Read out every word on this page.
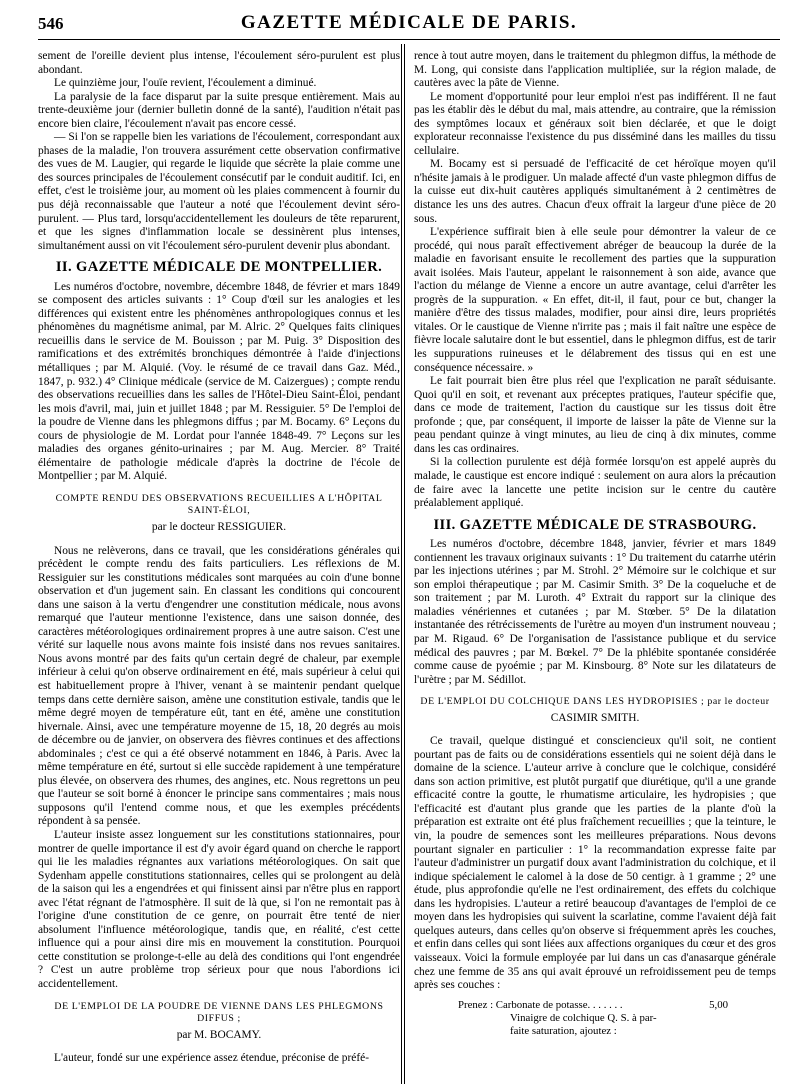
546	GAZETTE MÉDICALE DE PARIS.

sement de l'oreille devient plus intense, l'écoulement séro-purulent est plus abondant.

Le quinzième jour, l'ouïe revient, l'écoulement a diminué.

La paralysie de la face disparut par la suite presque entièrement. Mais au trente-deuxième jour (dernier bulletin donné de la santé), l'audition n'était pas encore bien claire, l'écoulement n'avait pas encore cessé.

— Si l'on se rappelle bien les variations de l'écoulement, correspondant aux phases de la maladie, l'on trouvera assurément cette observation confirmative des vues de M. Laugier, qui regarde le liquide que sécrète la plaie comme une des sources principales de l'écoulement consécutif par le conduit auditif. Ici, en effet, c'est le troisième jour, au moment où les plaies commencent à fournir du pus déjà reconnaissable que l'auteur a noté que l'écoulement devint séro-purulent. — Plus tard, lorsqu'accidentellement les douleurs de tête reparurent, et que les signes d'inflammation locale se dessinèrent plus intenses, simultanément aussi on vit l'écoulement séro-purulent devenir plus abondant.

II. GAZETTE MÉDICALE DE MONTPELLIER.

Les numéros d'octobre, novembre, décembre 1848, de février et mars 1849 se composent des articles suivants : 1° Coup d'œil sur les analogies et les différences qui existent entre les phénomènes anthropologiques connus et les phénomènes du magnétisme animal, par M. Alric. 2° Quelques faits cliniques recueillis dans le service de M. Bouisson ; par M. Puig. 3° Disposition des ramifications et des extrémités bronchiques démontrée à l'aide d'injections métalliques ; par M. Alquié. (Voy. le résumé de ce travail dans Gaz. Méd., 1847, p. 932.) 4° Clinique médicale (service de M. Caizergues) ; compte rendu des observations recueillies dans les salles de l'Hôtel-Dieu Saint-Éloi, pendant les mois d'avril, mai, juin et juillet 1848 ; par M. Ressiguier. 5° De l'emploi de la poudre de Vienne dans les phlegmons diffus ; par M. Bocamy. 6° Leçons du cours de physiologie de M. Lordat pour l'année 1848-49. 7° Leçons sur les maladies des organes génito-urinaires ; par M. Aug. Mercier. 8° Traité élémentaire de pathologie médicale d'après la doctrine de l'école de Montpellier ; par M. Alquié.

COMPTE RENDU DES OBSERVATIONS RECUEILLIES A L'HÔPITAL SAINT-ÉLOI,
par le docteur RESSIGUIER.

Nous ne relèverons, dans ce travail, que les considérations générales qui précèdent le compte rendu des faits particuliers. Les réflexions de M. Ressiguier sur les constitutions médicales sont marquées au coin d'une bonne observation et d'un jugement sain. En classant les conditions qui concourent dans une saison à la vertu d'engendrer une constitution médicale, nous avons remarqué que l'auteur mentionne l'existence, dans une saison donnée, des caractères météorologiques ordinairement propres à une autre saison. C'est une vérité sur laquelle nous avons mainte fois insisté dans nos revues sanitaires. Nous avons montré par des faits qu'un certain degré de chaleur, par exemple inférieur à celui qu'on observe ordinairement en été, mais supérieur à celui qui est habituellement propre à l'hiver, venant à se maintenir pendant quelque temps dans cette dernière saison, amène une constitution estivale, tandis que le même degré moyen de température eût, tant en été, amène une constitution hivernale. Ainsi, avec une température moyenne de 15, 18, 20 degrés au mois de décembre ou de janvier, on observera des fièvres continues et des affections abdominales ; c'est ce qui a été observé notamment en 1846, à Paris. Avec la même température en été, surtout si elle succède rapidement à une température plus élevée, on observera des rhumes, des angines, etc. Nous regrettons un peu que l'auteur se soit borné à énoncer le principe sans commentaires ; mais nous supposons qu'il l'entend comme nous, et que les exemples précédents répondent à sa pensée.

L'auteur insiste assez longuement sur les constitutions stationnaires, pour montrer de quelle importance il est d'y avoir égard quand on cherche le rapport qui lie les maladies régnantes aux variations météorologiques. On sait que Sydenham appelle constitutions stationnaires, celles qui se prolongent au delà de la saison qui les a engendrées et qui finissent ainsi par n'être plus en rapport avec l'état régnant de l'atmosphère. Il suit de là que, si l'on ne remontait pas à l'origine d'une constitution de ce genre, on pourrait être tenté de nier absolument l'influence météorologique, tandis que, en réalité, c'est cette influence qui a pour ainsi dire mis en mouvement la constitution. Pourquoi cette constitution se prolonge-t-elle au delà des conditions qui l'ont engendrée ? C'est un autre problème trop sérieux pour que nous l'abordions ici accidentellement.

DE L'EMPLOI DE LA POUDRE DE VIENNE DANS LES PHLEGMONS DIFFUS ;
par M. BOCAMY.

L'auteur, fondé sur une expérience assez étendue, préconise de préfé-

rence à tout autre moyen, dans le traitement du phlegmon diffus, la méthode de M. Long, qui consiste dans l'application multipliée, sur la région malade, de cautères avec la pâte de Vienne.

Le moment d'opportunité pour leur emploi n'est pas indifférent. Il ne faut pas les établir dès le début du mal, mais attendre, au contraire, que la rémission des symptômes locaux et généraux soit bien déclarée, et que le doigt explorateur reconnaisse l'existence du pus disséminé dans les mailles du tissu cellulaire.

M. Bocamy est si persuadé de l'efficacité de cet héroïque moyen qu'il n'hésite jamais à le prodiguer. Un malade affecté d'un vaste phlegmon diffus de la cuisse eut dix-huit cautères appliqués simultanément à 2 centimètres de distance les uns des autres. Chacun d'eux offrait la largeur d'une pièce de 20 sous.

L'expérience suffirait bien à elle seule pour démontrer la valeur de ce procédé, qui nous paraît effectivement abréger de beaucoup la durée de la maladie en favorisant ensuite le recollement des parties que la suppuration avait isolées. Mais l'auteur, appelant le raisonnement à son aide, avance que l'action du mélange de Vienne a encore un autre avantage, celui d'arrêter les progrès de la suppuration. « En effet, dit-il, il faut, pour ce but, changer la manière d'être des tissus malades, modifier, pour ainsi dire, leurs propriétés vitales. Or le caustique de Vienne n'irrite pas ; mais il fait naître une espèce de fièvre locale salutaire dont le but essentiel, dans le phlegmon diffus, est de tarir les suppurations ruineuses et le délabrement des tissus qui en est une conséquence nécessaire. »

Le fait pourrait bien être plus réel que l'explication ne paraît séduisante. Quoi qu'il en soit, et revenant aux préceptes pratiques, l'auteur spécifie que, dans ce mode de traitement, l'action du caustique sur les tissus doit être profonde ; que, par conséquent, il importe de laisser la pâte de Vienne sur la peau pendant quinze à vingt minutes, au lieu de cinq à dix minutes, comme dans les cas ordinaires.

Si la collection purulente est déjà formée lorsqu'on est appelé auprès du malade, le caustique est encore indiqué : seulement on aura alors la précaution de faire avec la lancette une petite incision sur le centre du cautère préalablement appliqué.

III. GAZETTE MÉDICALE DE STRASBOURG.

Les numéros d'octobre, décembre 1848, janvier, février et mars 1849 contiennent les travaux originaux suivants : 1° Du traitement du catarrhe utérin par les injections utérines ; par M. Strohl. 2° Mémoire sur le colchique et sur son emploi thérapeutique ; par M. Casimir Smith. 3° De la coqueluche et de son traitement ; par M. Luroth. 4° Extrait du rapport sur la clinique des maladies vénériennes et cutanées ; par M. Stœber. 5° De la dilatation instantanée des rétrécissements de l'urètre au moyen d'un instrument nouveau ; par M. Rigaud. 6° De l'organisation de l'assistance publique et du service médical des pauvres ; par M. Bœkel. 7° De la phlébite spontanée considérée comme cause de pyoémie ; par M. Kinsbourg. 8° Note sur les dilatateurs de l'urètre ; par M. Sédillot.

DE L'EMPLOI DU COLCHIQUE DANS LES HYDROPISIES ; par le docteur
CASIMIR SMITH.

Ce travail, quelque distingué et consciencieux qu'il soit, ne contient pourtant pas de faits ou de considérations essentiels qui ne soient déjà dans le domaine de la science. L'auteur arrive à conclure que le colchique, considéré dans son action primitive, est plutôt purgatif que diurétique, qu'il a une grande efficacité contre la goutte, le rhumatisme articulaire, les hydropisies ; que l'efficacité est d'autant plus grande que les parties de la plante d'où la préparation est extraite ont été plus fraîchement recueillies ; que la teinture, le vin, la poudre de semences sont les meilleures préparations. Nous devons pourtant signaler en particulier : 1° la recommandation expresse faite par l'auteur d'administrer un purgatif doux avant l'administration du colchique, et il indique spécialement le calomel à la dose de 50 centigr. à 1 gramme ; 2° une étude, plus approfondie qu'elle ne l'est ordinairement, des effets du colchique dans les hydropisies. L'auteur a retiré beaucoup d'avantages de l'emploi de ce moyen dans les hydropisies qui suivent la scarlatine, comme l'avaient déjà fait quelques auteurs, dans celles qu'on observe si fréquemment après les couches, et enfin dans celles qui sont liées aux affections organiques du cœur et des gros vaisseaux. Voici la formule employée par lui dans un cas d'anasarque générale chez une femme de 35 ans qui avait éprouvé un refroidissement peu de temps après ses couches :

Prenez : Carbonate de potasse. . . . . . .	5,00
Vinaigre de colchique Q. S. à par-
faite saturation, ajoutez :
